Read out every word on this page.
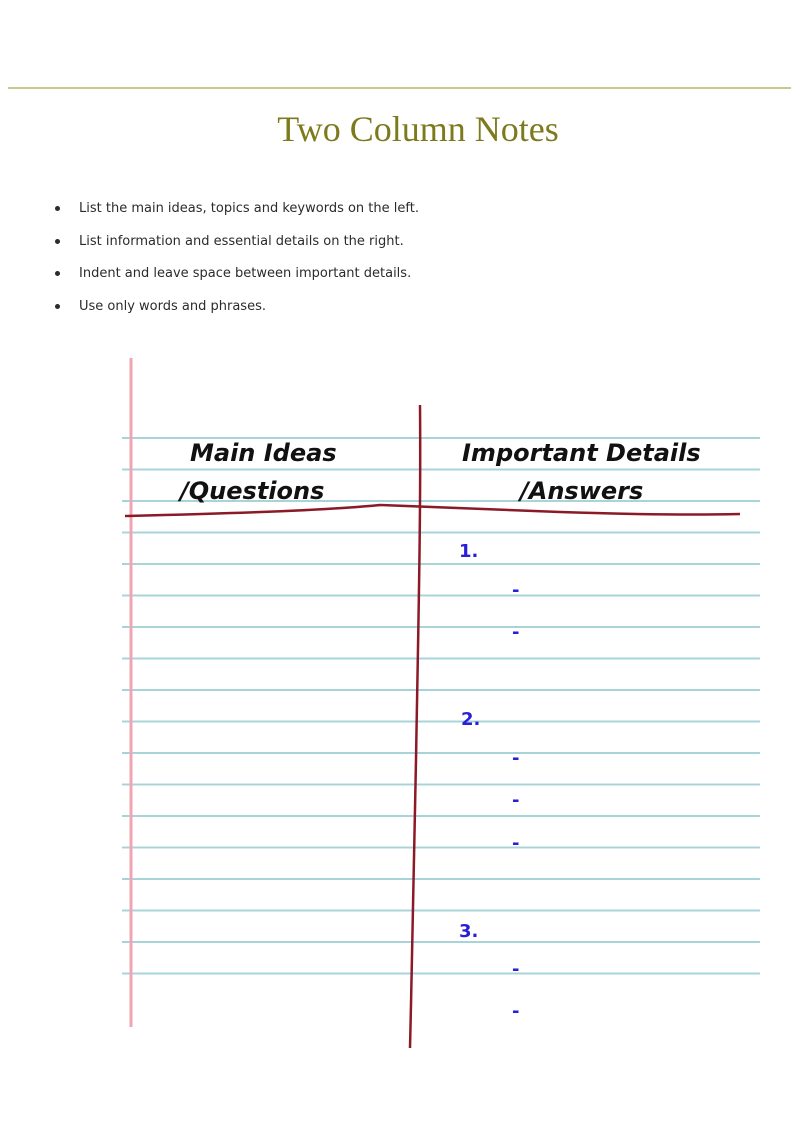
Two Column Notes
List the main ideas, topics and keywords on the left.
List information and essential details on the right.
Indent and leave space between important details.
Use only words and phrases.
Main Ideas
/Questions
Important Details
/Answers
1.
-
-
2.
-
-
-
3.
-
-
